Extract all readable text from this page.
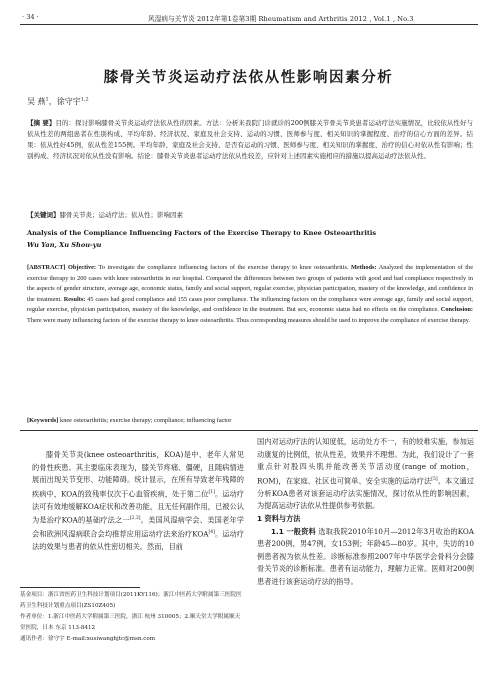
· 34 ·	风湿病与关节炎 2012年第1卷第3期 Rheumatism and Arthritis 2012 , Vol.1 , No.3
膝骨关节炎运动疗法依从性影响因素分析
吴 燕$^1$，徐守宇$^{1,2}$
【摘 要】目的：探讨影响膝骨关节炎运动疗法依从性的因素。方法：分析来我院门诊就诊的200例膝关节骨关节炎患者运动疗法实施情况，比较依从性好与依从性差的两组患者在性别构成、平均年龄、经济状况、家庭及社会支持、运动的习惯、医师参与度、相关知识的掌握程度、治疗的信心方面的差异。结果：依从性好45例，依从性差155例。平均年龄、家庭及社会支持、是否有运动的习惯、医师参与度、相关知识的掌握度、治疗的信心对依从性有影响；性别构成、经济状况对依从性没有影响。结论：膝骨关节炎患者运动疗法依从性较差，应针对上述因素实施相应的措施以提高运动疗法依从性。
【关键词】膝骨关节炎；运动疗法；依从性；影响因素
Analysis of the Compliance Influencing Factors of the Exercise Therapy to Knee Osteoarthritis
Wu Yan, Xu Shou-yu
[ABSTRACT] Objective: To investigate the compliance influencing factors of the exercise therapy to knee osteoarthritis. Methods: Analyzed the implementation of the exercise therapy to 200 cases with knee osteoarthritis in our hospital. Compared the differences between two groups of patients with good and bad compliance respectively in the aspects of gender structure, average age, economic status, family and social support, regular exercise, physician participation, mastery of the knowledge, and confidence in the treatment. Results: 45 cases had good compliance and 155 cases poor compliance. The influencing factors on the compliance were average age, family and social support, regular exercise, physician participation, mastery of the knowledge, and confidence in the treatment. But sex, economic status had no effects on the compliance. Conclusion: There were many influencing factors of the exercise therapy to knee osteoarthritis. Thus corresponding measures should be used to improve the compliance of exercise therapy.
[Keywords] knee osteoarthritis; exercise therapy; compliance; influencing factor
膝骨关节炎(knee osteoarthritis，KOA)是中、老年人常见的骨性疾患。其主要临床表现为，膝关节疼痛、僵硬，且随病情进展而出现关节变形、功能障碍。统计显示，在所有导致老年残障的疾病中，KOA的致残率仅次于心血管疾病，处于第二位[1]。运动疗法可有效地缓解KOA症状和改善功能，且无任何副作用，已被公认为是治疗KOA的基础疗法之一[2,3]。美国风湿病学会、美国老年学会和欧洲风湿病联合会均推荐应用运动疗法来治疗KOA[4]。运动疗法的效果与患者的依从性密切相关。然而，目前
基金项目：浙江省医药卫生科技计划项目(2011KY116)；浙江中医药大学附属第三医院医药卫生科技计划重点项目(ZS10Z405)
作者单位：1.浙江中医药大学附属第三医院，浙江 杭州 310005；2.顺天堂大学附属顺天堂医院，日本 东京 113-8412
通讯作者：徐守宇 E-mail:xusiwanghjtc@msn.com
国内对运动疗法的认知度低，运动处方不一，有的较难实施，参加运动康复的比例低，依从性差，效果并不理想。为此，我们设计了一套重点针对股四头肌并能改善关节活动度(range of motion，ROM)，在家庭、社区也可简单、安全实施的运动疗法[5]。本文通过分析KOA患者对该套运动疗法实施情况，探讨依从性的影响因素，为提高运动疗法依从性提供参考依据。
1 资料与方法
1.1 一般资料 选取我院2010年10月—2012年3月收治的KOA患者200例，男47例，女153例；年龄45—80岁。其中，失访的10例患者视为依从性差。诊断标准参照2007年中华医学会骨科分会膝骨关节炎的诊断标准。患者有运动能力，理解力正常。医师对200例患者进行该套运动疗法的指导。
